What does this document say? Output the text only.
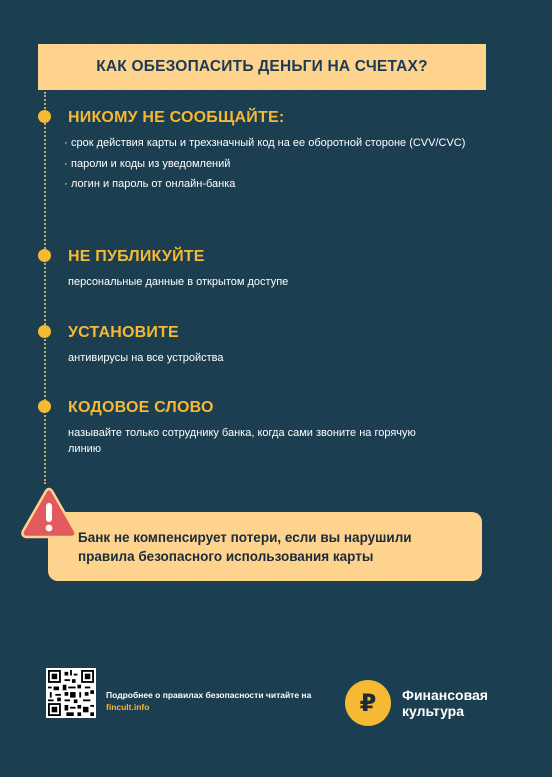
КАК ОБЕЗОПАСИТЬ ДЕНЬГИ НА СЧЕТАХ?
НИКОМУ НЕ СООБЩАЙТЕ:
· срок действия карты и трехзначный код на ее оборотной стороне (CVV/CVC)
· пароли и коды из уведомлений
· логин и пароль от онлайн-банка
НЕ ПУБЛИКУЙТЕ
персональные данные в открытом доступе
УСТАНОВИТЕ
антивирусы на все устройства
КОДОВОЕ СЛОВО
называйте только сотруднику банка, когда сами звоните на горячую линию
Банк не компенсирует потери, если вы нарушили правила безопасного использования карты
Подробнее о правилах безопасности читайте на fincult.info	₽ Финансовая культура
